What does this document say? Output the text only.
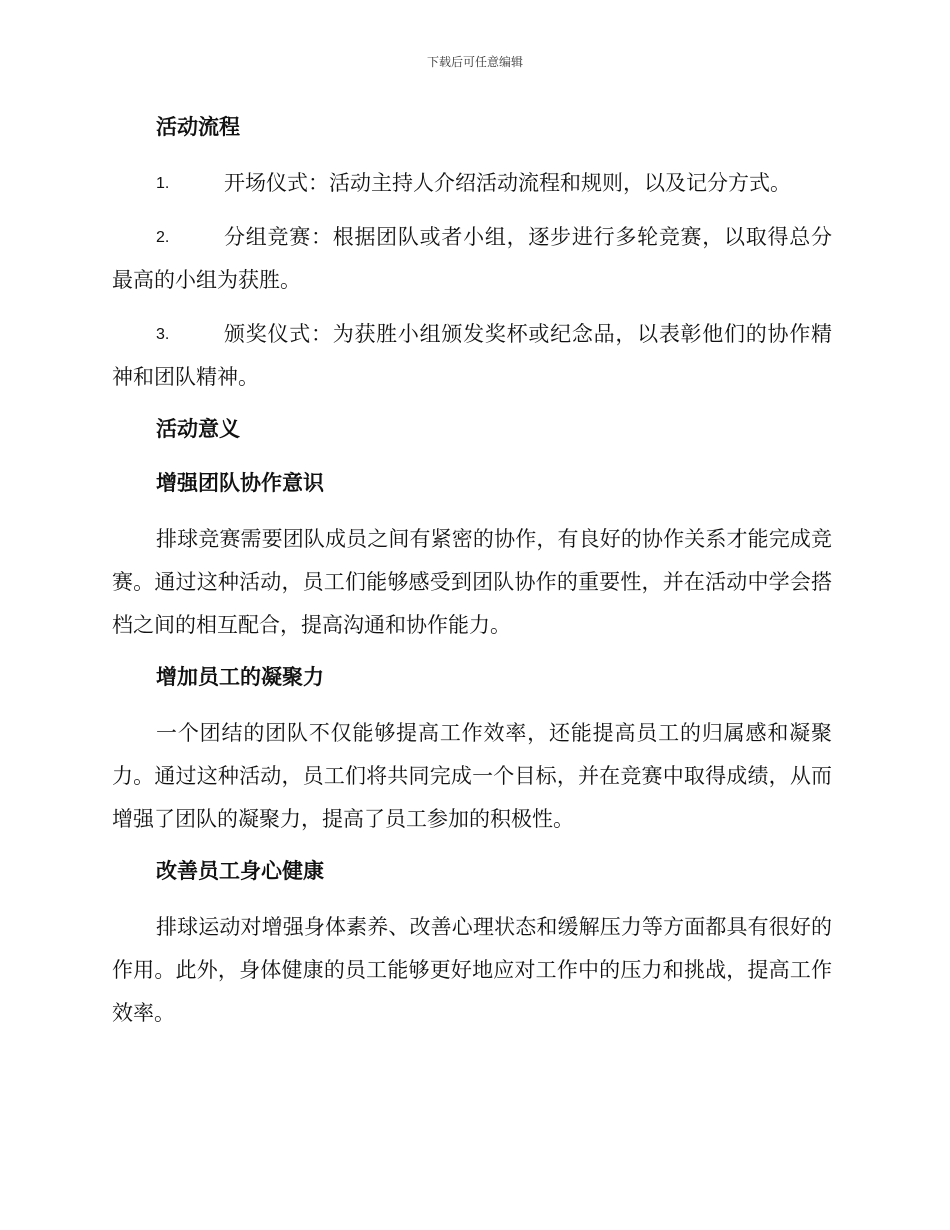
下载后可任意编辑
活动流程

1.	开场仪式：活动主持人介绍活动流程和规则，以及记分方式。

2.	分组竞赛：根据团队或者小组，逐步进行多轮竞赛，以取得总分最高的小组为获胜。

3.	颁奖仪式：为获胜小组颁发奖杯或纪念品，以表彰他们的协作精神和团队精神。

活动意义
增强团队协作意识

排球竞赛需要团队成员之间有紧密的协作，有良好的协作关系才能完成竞赛。通过这种活动，员工们能够感受到团队协作的重要性，并在活动中学会搭档之间的相互配合，提高沟通和协作能力。

增加员工的凝聚力

一个团结的团队不仅能够提高工作效率，还能提高员工的归属感和凝聚力。通过这种活动，员工们将共同完成一个目标，并在竞赛中取得成绩，从而增强了团队的凝聚力，提高了员工参加的积极性。

改善员工身心健康

排球运动对增强身体素养、改善心理状态和缓解压力等方面都具有很好的作用。此外，身体健康的员工能够更好地应对工作中的压力和挑战，提高工作效率。
